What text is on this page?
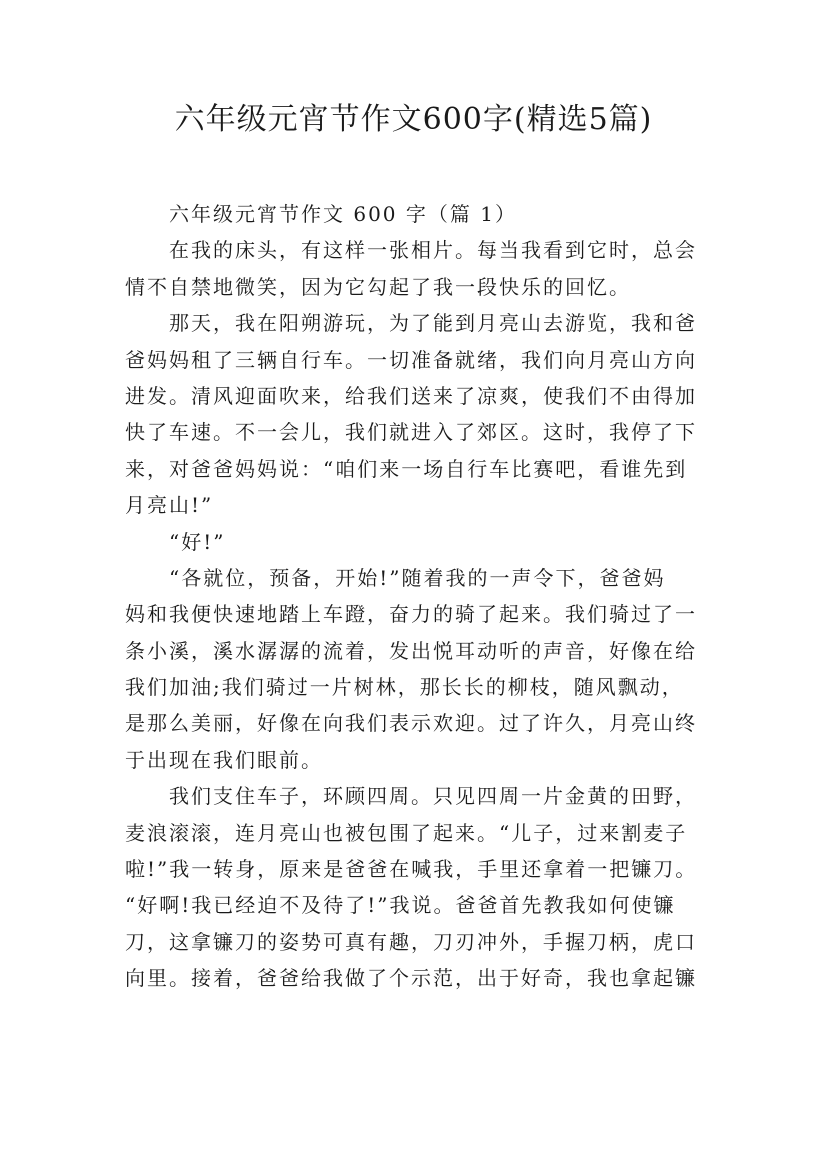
六年级元宵节作文600字(精选5篇)
六年级元宵节作文 600 字（篇 1）
在我的床头，有这样一张相片。每当我看到它时，总会
情不自禁地微笑，因为它勾起了我一段快乐的回忆。
那天，我在阳朔游玩，为了能到月亮山去游览，我和爸
爸妈妈租了三辆自行车。一切准备就绪，我们向月亮山方向
进发。清风迎面吹来，给我们送来了凉爽，使我们不由得加
快了车速。不一会儿，我们就进入了郊区。这时，我停了下
来，对爸爸妈妈说：“咱们来一场自行车比赛吧，看谁先到
月亮山!”
“好!”
“各就位，预备，开始!”随着我的一声令下，爸爸妈
妈和我便快速地踏上车蹬，奋力的骑了起来。我们骑过了一
条小溪，溪水潺潺的流着，发出悦耳动听的声音，好像在给
我们加油;我们骑过一片树林，那长长的柳枝，随风飘动，
是那么美丽，好像在向我们表示欢迎。过了许久，月亮山终
于出现在我们眼前。
我们支住车子，环顾四周。只见四周一片金黄的田野，
麦浪滚滚，连月亮山也被包围了起来。“儿子，过来割麦子
啦!”我一转身，原来是爸爸在喊我，手里还拿着一把镰刀。
“好啊!我已经迫不及待了!”我说。爸爸首先教我如何使镰
刀，这拿镰刀的姿势可真有趣，刀刃冲外，手握刀柄，虎口
向里。接着，爸爸给我做了个示范，出于好奇，我也拿起镰
